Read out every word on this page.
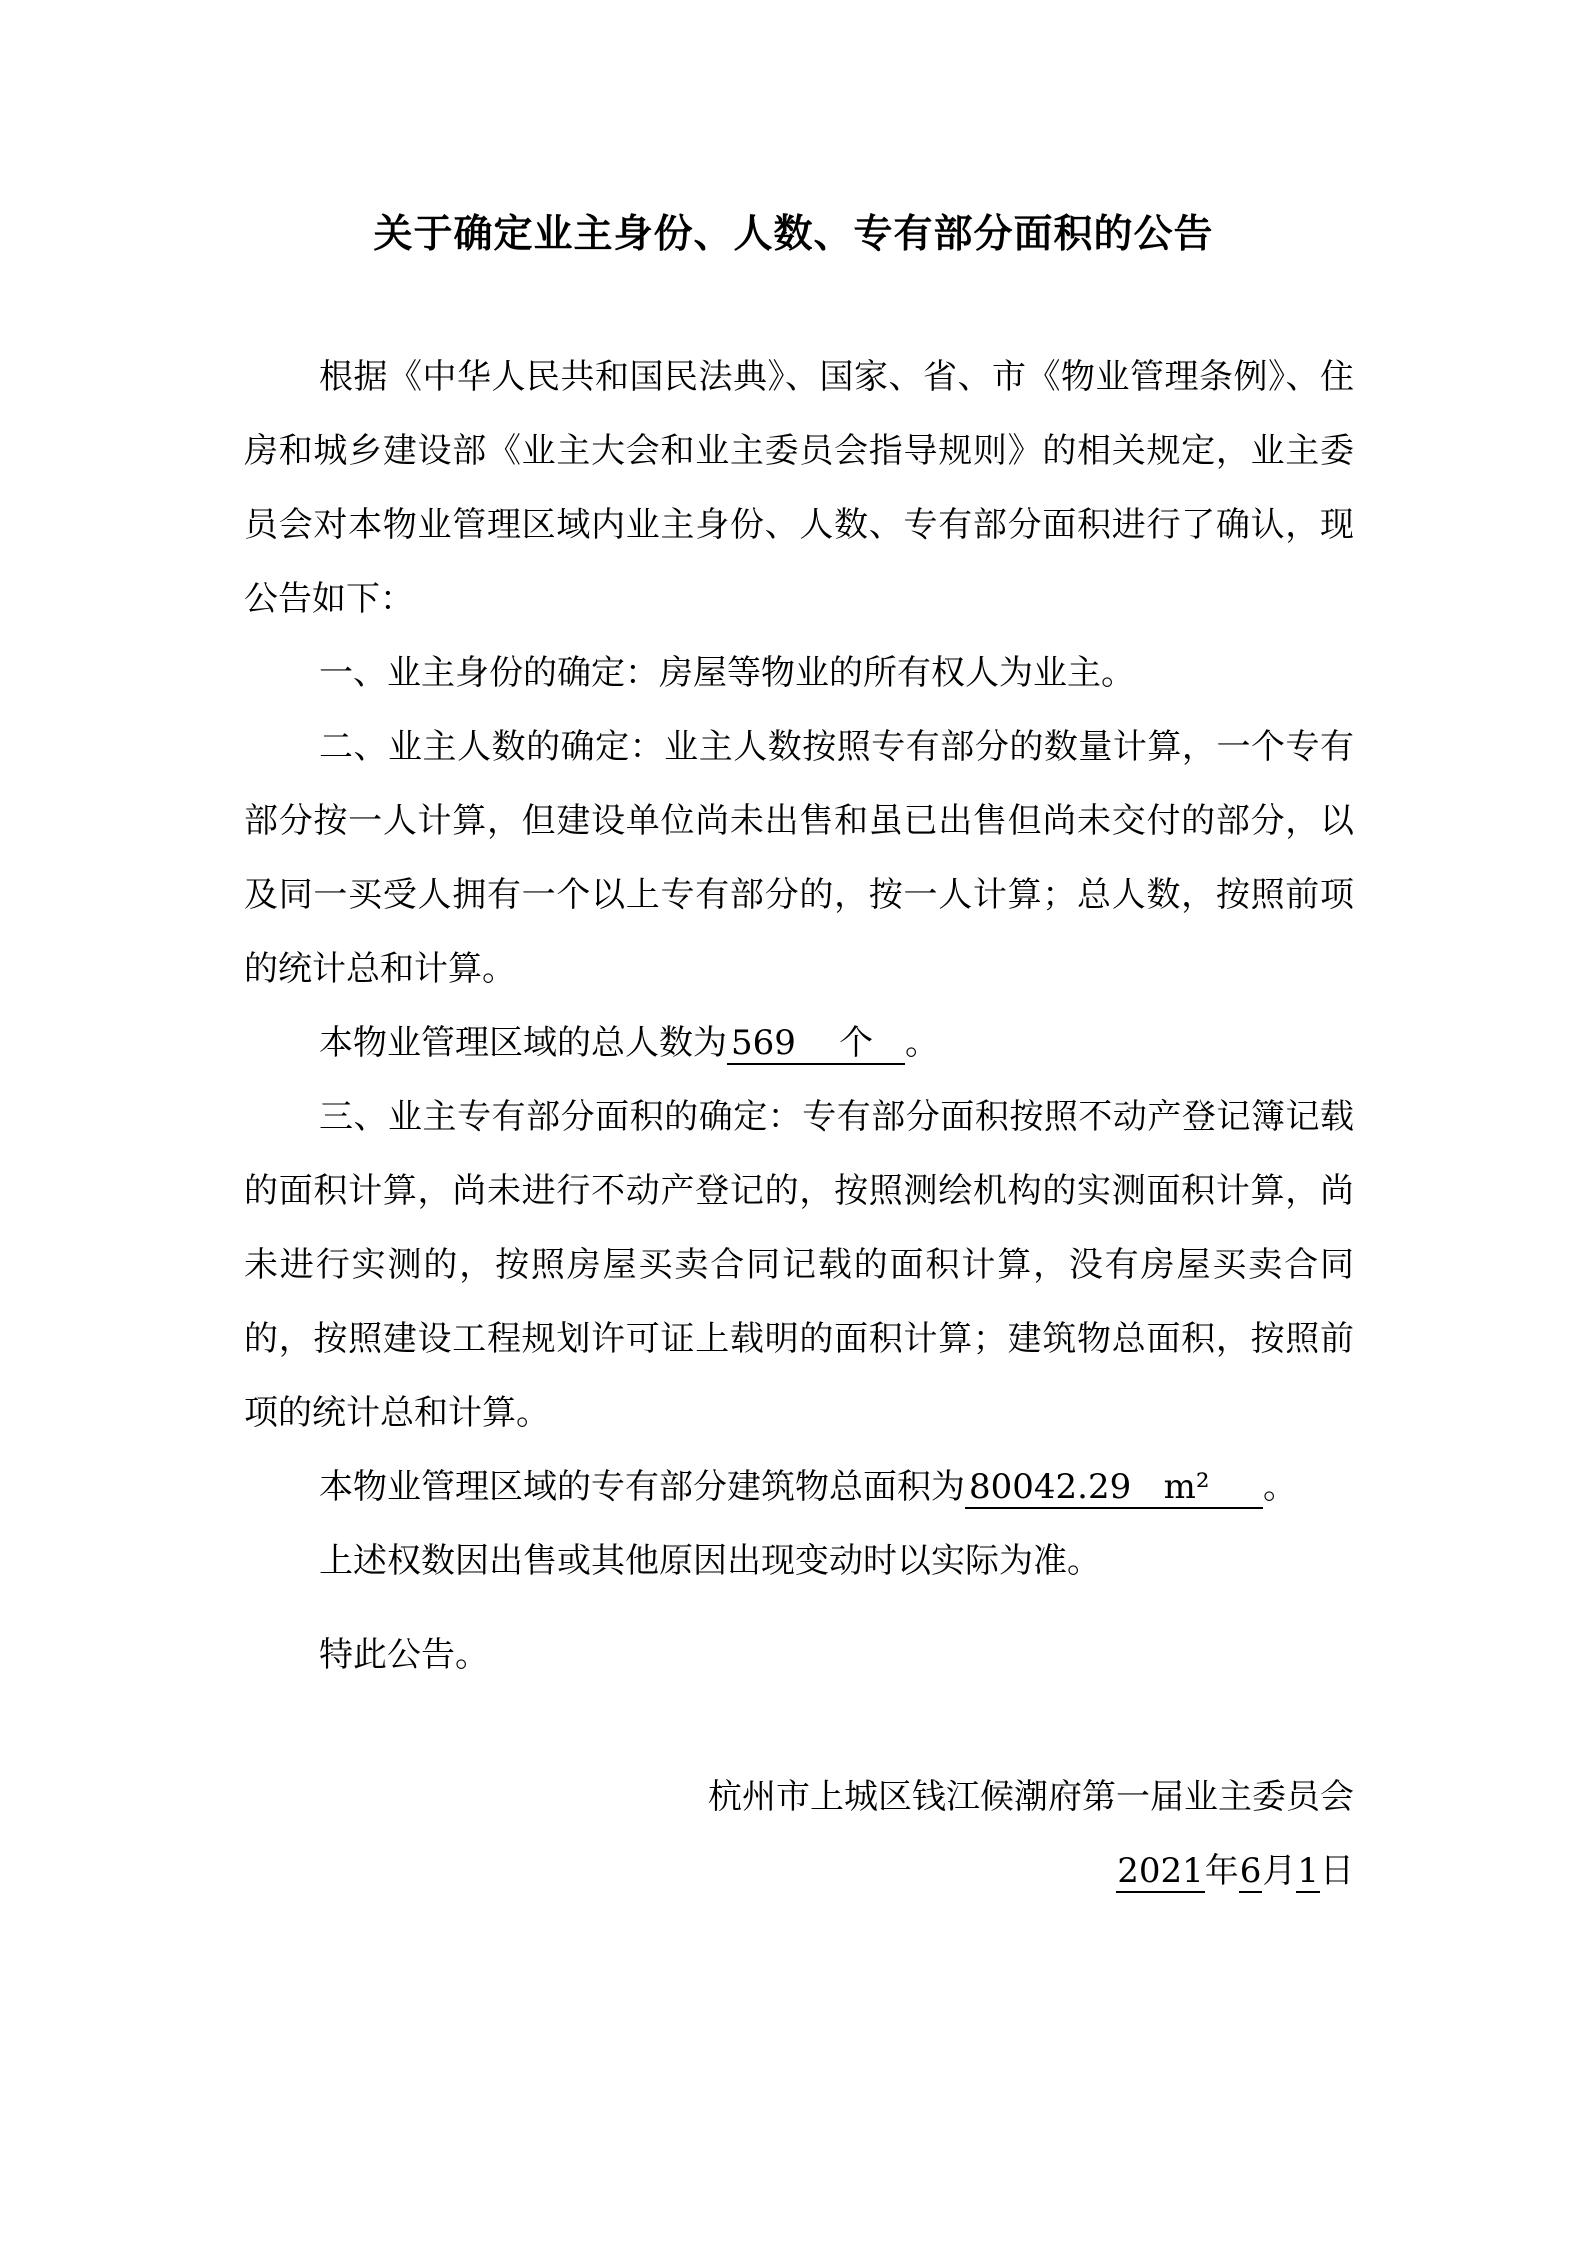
关于确定业主身份、人数、专有部分面积的公告

根据《中华人民共和国民法典》、国家、省、市《物业管理条例》、住房和城乡建设部《业主大会和业主委员会指导规则》的相关规定，业主委员会对本物业管理区域内业主身份、人数、专有部分面积进行了确认，现公告如下：

一、业主身份的确定：房屋等物业的所有权人为业主。

二、业主人数的确定：业主人数按照专有部分的数量计算，一个专有部分按一人计算，但建设单位尚未出售和虽已出售但尚未交付的部分，以及同一买受人拥有一个以上专有部分的，按一人计算；总人数，按照前项的统计总和计算。

本物业管理区域的总人数为 569 个 。

三、业主专有部分面积的确定：专有部分面积按照不动产登记簿记载的面积计算，尚未进行不动产登记的，按照测绘机构的实测面积计算，尚未进行实测的，按照房屋买卖合同记载的面积计算，没有房屋买卖合同的，按照建设工程规划许可证上载明的面积计算；建筑物总面积，按照前项的统计总和计算。

本物业管理区域的专有部分建筑物总面积为 80042.29 m² 。

上述权数因出售或其他原因出现变动时以实际为准。

特此公告。

杭州市上城区钱江候潮府第一届业主委员会
2021年6月1日
